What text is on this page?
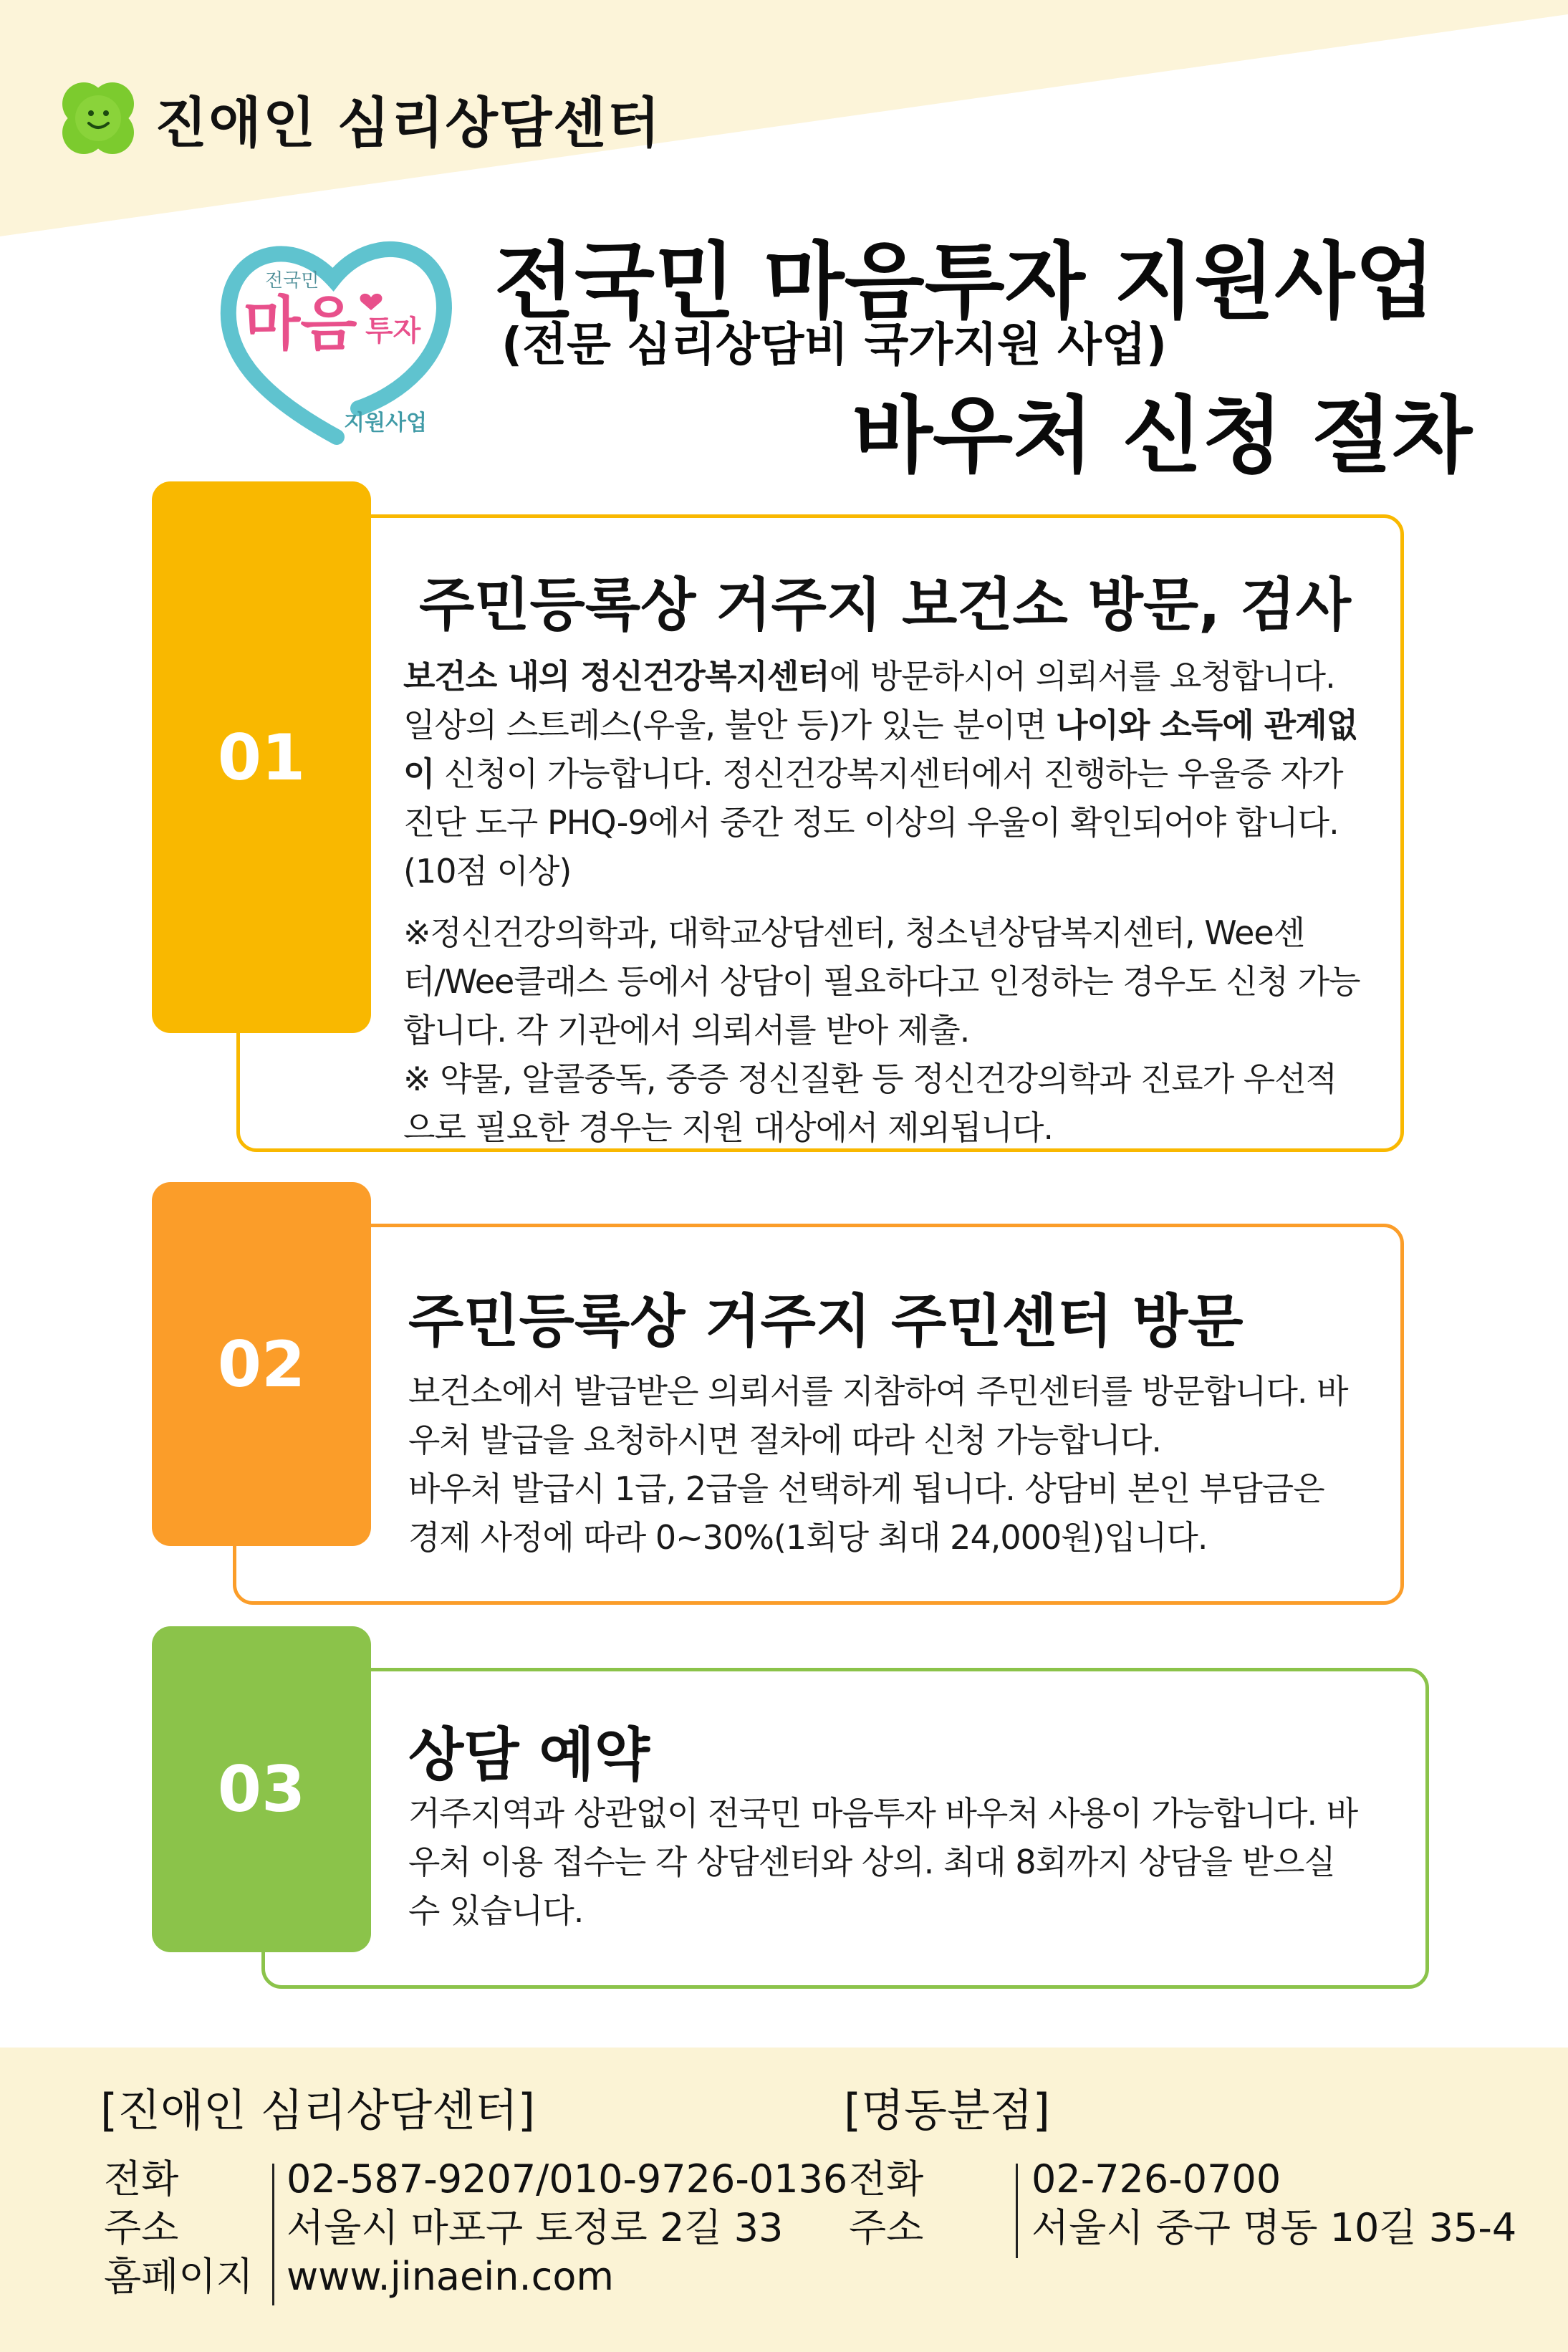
진애인 심리상담센터
전국민
마음 투자
지원사업
전국민 마음투자 지원사업
(전문 심리상담비 국가지원 사업)
바우처 신청 절차
01
주민등록상 거주지 보건소 방문, 검사

보건소 내의 정신건강복지센터에 방문하시어 의뢰서를 요청합니다. 일상의 스트레스(우울, 불안 등)가 있는 분이면 나이와 소득에 관계없이 신청이 가능합니다. 정신건강복지센터에서 진행하는 우울증 자가진단 도구 PHQ-9에서 중간 정도 이상의 우울이 확인되어야 합니다. (10점 이상)

※정신건강의학과, 대학교상담센터, 청소년상담복지센터, Wee센터/Wee클래스 등에서 상담이 필요하다고 인정하는 경우도 신청 가능합니다. 각 기관에서 의뢰서를 받아 제출.

※ 약물, 알콜중독, 중증 정신질환 등 정신건강의학과 진료가 우선적으로 필요한 경우는 지원 대상에서 제외됩니다.

02
주민등록상 거주지 주민센터 방문

보건소에서 발급받은 의뢰서를 지참하여 주민센터를 방문합니다. 바우처 발급을 요청하시면 절차에 따라 신청 가능합니다.

바우처 발급시 1급, 2급을 선택하게 됩니다. 상담비 본인 부담금은 경제 사정에 따라 0~30%(1회당 최대 24,000원)입니다.

03 상담 예약

거주지역과 상관없이 전국민 마음투자 바우처 사용이 가능합니다. 바우처 이용 접수는 각 상담센터와 상의. 최대 8회까지 상담을 받으실 수 있습니다.

[진애인 심리상담센터]
전화
주소
홈페이지
02-587-9207/010-9726-0136
서울시 마포구 토정로 2길 33
www.jinaein.com
[명동분점]
전화
주소
02-726-0700
서울시 중구 명동 10길 35-4
